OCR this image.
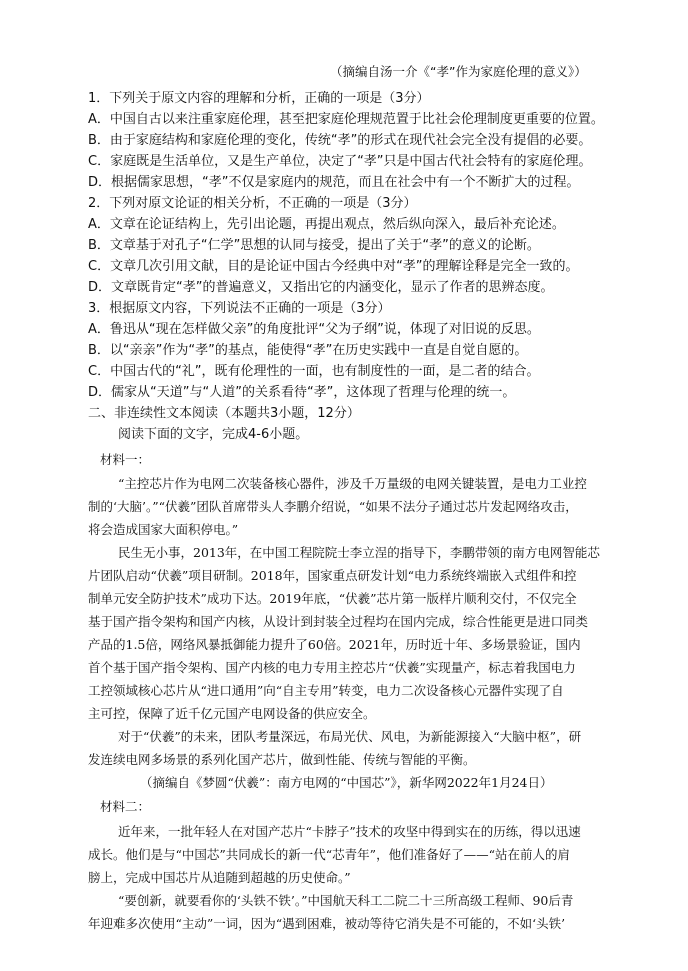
（摘编自汤一介《“孝”作为家庭伦理的意义》）
1．下列关于原文内容的理解和分析，正确的一项是（3分）
A．中国自古以来注重家庭伦理，甚至把家庭伦理规范置于比社会伦理制度更重要的位置。
B．由于家庭结构和家庭伦理的变化，传统“孝”的形式在现代社会完全没有提倡的必要。
C．家庭既是生活单位，又是生产单位，决定了“孝”只是中国古代社会特有的家庭伦理。
D．根据儒家思想，“孝”不仅是家庭内的规范，而且在社会中有一个不断扩大的过程。
2．下列对原文论证的相关分析，不正确的一项是（3分）
A．文章在论证结构上，先引出论题，再提出观点，然后纵向深入，最后补充论述。
B．文章基于对孔子“仁学”思想的认同与接受，提出了关于“孝”的意义的论断。
C．文章几次引用文献，目的是论证中国古今经典中对“孝”的理解诠释是完全一致的。
D．文章既肯定“孝”的普遍意义，又指出它的内涵变化，显示了作者的思辨态度。
3．根据原文内容，下列说法不正确的一项是（3分）
A．鲁迅从“现在怎样做父亲”的角度批评“父为子纲”说，体现了对旧说的反思。
B．以“亲亲”作为“孝”的基点，能使得“孝”在历史实践中一直是自觉自愿的。
C．中国古代的“礼”，既有伦理性的一面，也有制度性的一面，是二者的结合。
D．儒家从“天道”与“人道”的关系看待“孝”，这体现了哲理与伦理的统一。
二、非连续性文本阅读（本题共3小题，12分）
阅读下面的文字，完成4-6小题。
材料一：
“主控芯片作为电网二次装备核心器件，涉及千万量级的电网关键装置，是电力工业控
制的‘大脑’。”“伏羲”团队首席带头人李鹏介绍说，“如果不法分子通过芯片发起网络攻击，
将会造成国家大面积停电。”
民生无小事，2013年，在中国工程院院士李立浧的指导下，李鹏带领的南方电网智能芯
片团队启动“伏羲”项目研制。2018年，国家重点研发计划“电力系统终端嵌入式组件和控
制单元安全防护技术”成功下达。2019年底，“伏羲”芯片第一版样片顺利交付，不仅完全
基于国产指令架构和国产内核，从设计到封装全过程均在国内完成，综合性能更是进口同类
产品的1.5倍，网络风暴抵御能力提升了60倍。2021年，历时近十年、多场景验证，国内
首个基于国产指令架构、国产内核的电力专用主控芯片“伏羲”实现量产，标志着我国电力
工控领域核心芯片从“进口通用”向“自主专用”转变，电力二次设备核心元器件实现了自
主可控，保障了近千亿元国产电网设备的供应安全。
对于“伏羲”的未来，团队考量深远，布局光伏、风电，为新能源接入“大脑中枢”，研
发连续电网多场景的系列化国产芯片，做到性能、传统与智能的平衡。
（摘编自《梦圆“伏羲”：南方电网的“中国芯”》，新华网2022年1月24日）
材料二：
近年来，一批年轻人在对国产芯片“卡脖子”技术的攻坚中得到实在的历练，得以迅速
成长。他们是与“中国芯”共同成长的新一代“芯青年”，他们准备好了——“站在前人的肩
膀上，完成中国芯片从追随到超越的历史使命。”
“要创新，就要看你的‘头铁不铁’。”中国航天科工二院二十三所高级工程师、90后青
年迎难多次使用“主动”一词，因为“遇到困难，被动等待它消失是不可能的，不如‘头铁’
